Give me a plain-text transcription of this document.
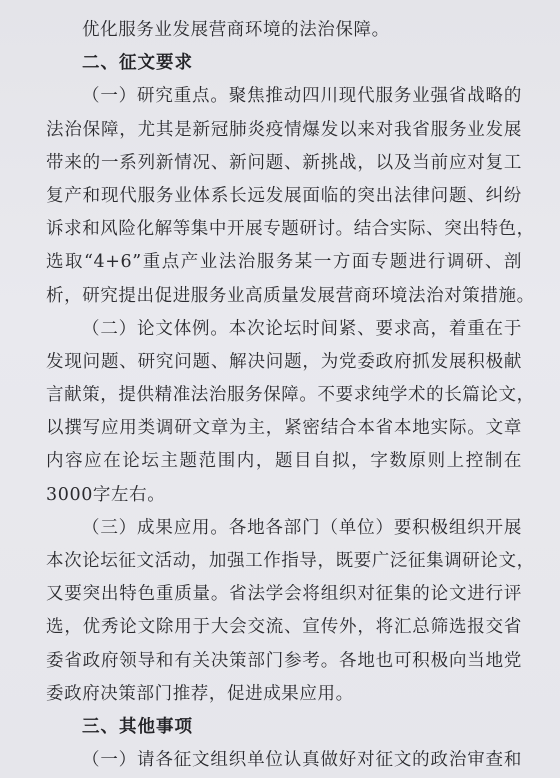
优化服务业发展营商环境的法治保障。
二、征文要求
（一）研究重点。聚焦推动四川现代服务业强省战略的
法治保障，尤其是新冠肺炎疫情爆发以来对我省服务业发展
带来的一系列新情况、新问题、新挑战，以及当前应对复工
复产和现代服务业体系长远发展面临的突出法律问题、纠纷
诉求和风险化解等集中开展专题研讨。结合实际、突出特色，
选取“4+6”重点产业法治服务某一方面专题进行调研、剖
析，研究提出促进服务业高质量发展营商环境法治对策措施。
（二）论文体例。本次论坛时间紧、要求高，着重在于
发现问题、研究问题、解决问题，为党委政府抓发展积极献
言献策，提供精准法治服务保障。不要求纯学术的长篇论文，
以撰写应用类调研文章为主，紧密结合本省本地实际。文章
内容应在论坛主题范围内，题目自拟，字数原则上控制在
3000字左右。
（三）成果应用。各地各部门（单位）要积极组织开展
本次论坛征文活动，加强工作指导，既要广泛征集调研论文，
又要突出特色重质量。省法学会将组织对征集的论文进行评
选，优秀论文除用于大会交流、宣传外，将汇总筛选报交省
委省政府领导和有关决策部门参考。各地也可积极向当地党
委政府决策部门推荐，促进成果应用。
三、其他事项
（一）请各征文组织单位认真做好对征文的政治审查和
